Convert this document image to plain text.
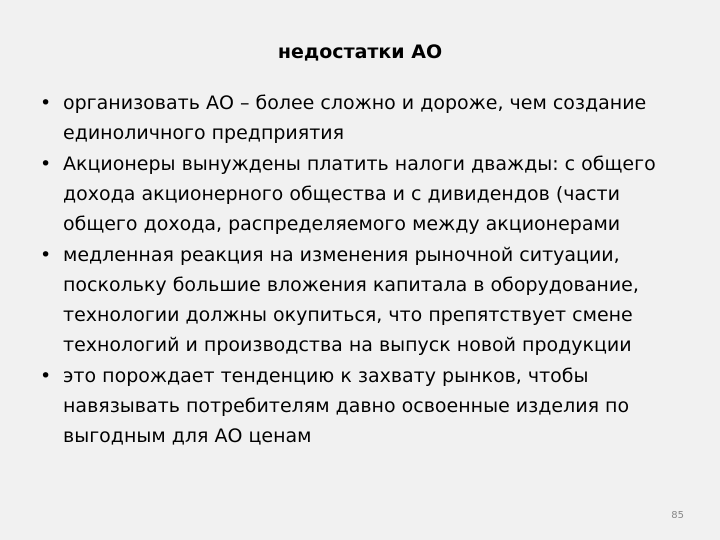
недостатки АО
• организовать АО – более сложно и дороже, чем создание единоличного предприятия
• Акционеры вынуждены платить налоги дважды: с общего дохода акционерного общества и с дивидендов (части общего дохода, распределяемого между акционерами
• медленная реакция на изменения рыночной ситуации, поскольку большие вложения капитала в оборудование, технологии должны окупиться, что препятствует смене технологий и производства на выпуск новой продукции
• это порождает тенденцию к захвату рынков, чтобы навязывать потребителям давно освоенные изделия по выгодным для АО ценам
85
